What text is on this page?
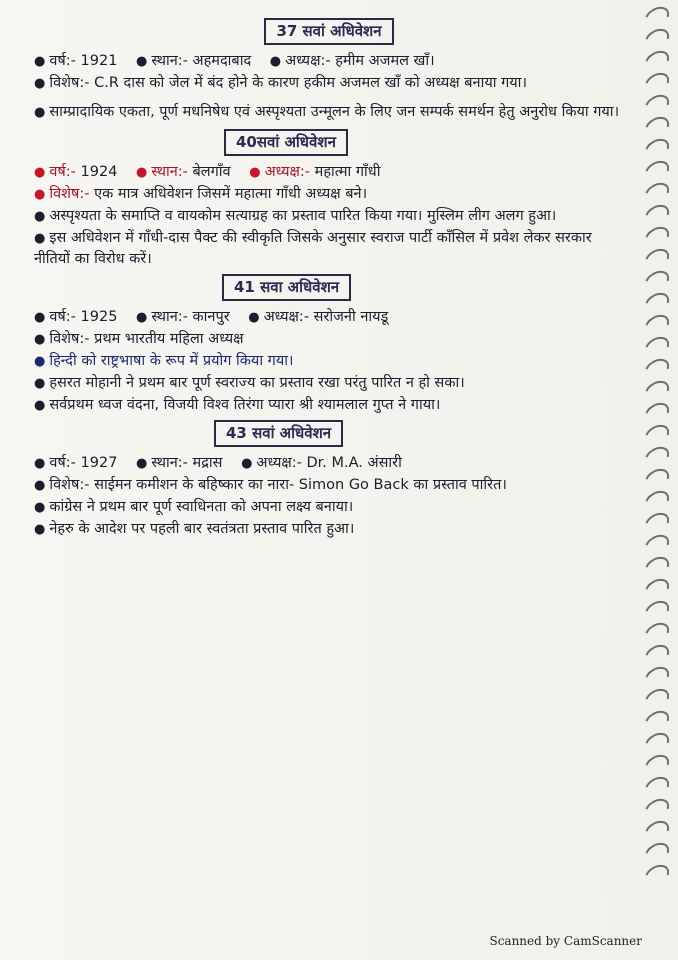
37 सवां अधिवेशन
● वर्ष:- 1921 ● स्थान:- अहमदाबाद ● अध्यक्ष:- हमीम अजमल खाँ।
● विशेष:- C.R दास को जेल में बंद होने के कारण हकीम अजमल खाँ को अध्यक्ष बनाया गया।
● साम्प्रादायिक एकता, पूर्ण मधनिषेध एवं अस्पृश्यता उन्मूलन के लिए जन सम्पर्क समर्थन हेतु अनुरोध किया गया।
40सवां अधिवेशन
● वर्ष:- 1924 ● स्थान:- बेलगाँव ● अध्यक्ष:- महात्मा गाँधी
● विशेष:- एक मात्र अधिवेशन जिसमें महात्मा गाँधी अध्यक्ष बने।
● अस्पृश्यता के समाप्ति व वायकोम सत्याग्रह का प्रस्ताव पारित किया गया। मुस्लिम लीग अलग हुआ।
● इस अधिवेशन में गाँधी-दास पैक्ट की स्वीकृति जिसके अनुसार स्वराज पार्टी काँसिल में प्रवेश लेकर सरकार नीतियों का विरोध करें।
41 सवा अधिवेशन
● वर्ष:- 1925 ● स्थान:- कानपुर ● अध्यक्ष:- सरोजनी नायडू
● विशेष:- प्रथम भारतीय महिला अध्यक्ष
● हिन्दी को राष्ट्रभाषा के रूप में प्रयोग किया गया।
● हसरत मोहानी ने प्रथम बार पूर्ण स्वराज्य का प्रस्ताव रखा परंतु पारित न हो सका।
● सर्वप्रथम ध्वज वंदना, विजयी विश्व तिरंगा प्यारा श्री श्यामलाल गुप्त ने गाया।
43 सवां अधिवेशन
● वर्ष:- 1927 ● स्थान:- मद्रास ● अध्यक्ष:- Dr. M.A. अंसारी
● विशेष:- साईमन कमीशन के बहिष्कार का नारा- Simon Go Back का प्रस्ताव पारित।
● कांग्रेस ने प्रथम बार पूर्ण स्वाधिनता को अपना लक्ष्य बनाया।
● नेहरु के आदेश पर पहली बार स्वतंत्रता प्रस्ताव पारित हुआ।
Scanned by CamScanner
